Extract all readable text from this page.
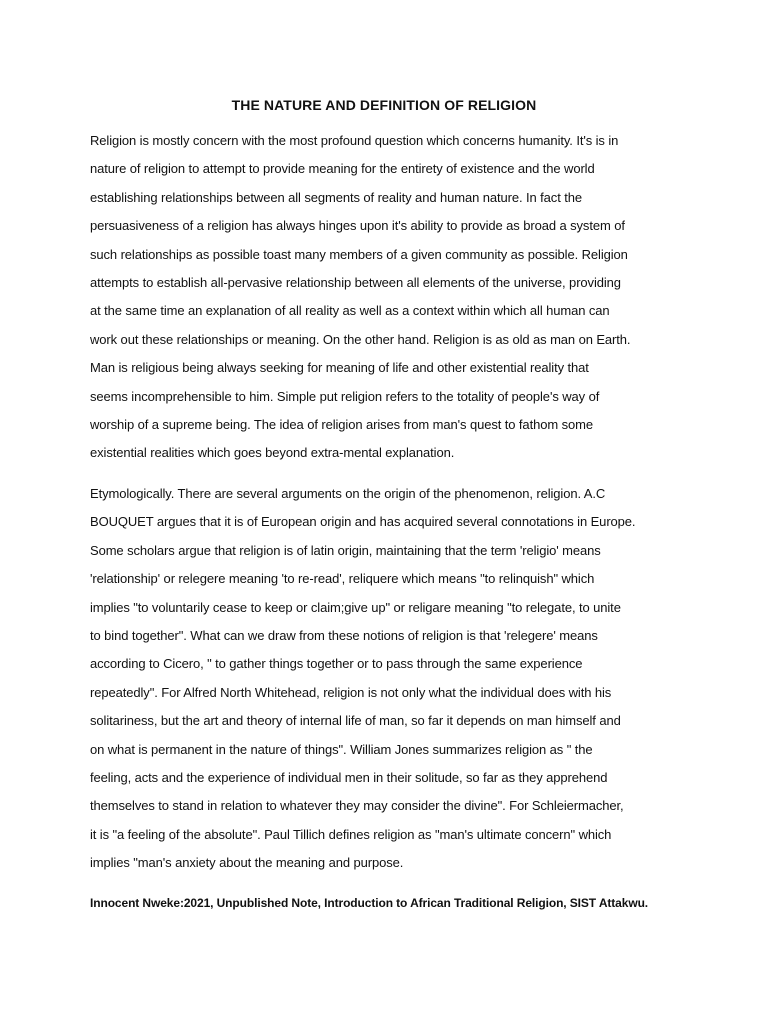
THE NATURE AND DEFINITION OF RELIGION
Religion is mostly concern with the most profound question which concerns humanity. It's is in
nature of religion to attempt to provide meaning for the entirety of existence and the world
establishing relationships between all segments of reality and human nature. In fact the
persuasiveness of a religion has always hinges upon it's ability to provide as broad a system of
such relationships as possible toast many members of a given community as possible. Religion
attempts to establish all-pervasive relationship between all elements of the universe, providing
at the same time an explanation of all reality as well as a context within which all human can
work out these relationships or meaning. On the other hand. Religion is as old as man on Earth.
Man is religious being always seeking for meaning of life and other existential reality that
seems incomprehensible to him. Simple put religion refers to the totality of people's way of
worship of a supreme being. The idea of religion arises from man's quest to fathom some
existential realities which goes beyond extra-mental explanation.
Etymologically. There are several arguments on the origin of the phenomenon, religion. A.C
BOUQUET argues that it is of European origin and has acquired several connotations in Europe.
Some scholars argue that religion is of latin origin, maintaining that the term 'religio' means
'relationship' or relegere meaning 'to re-read', reliquere which means "to relinquish" which
implies "to voluntarily cease to keep or claim;give up" or religare meaning "to relegate, to unite
to bind together". What can we draw from these notions of religion is that 'relegere' means
according to Cicero, " to gather things together or to pass through the same experience
repeatedly". For Alfred North Whitehead, religion is not only what the individual does with his
solitariness, but the art and theory of internal life of man, so far it depends on man himself and
on what is permanent in the nature of things". William Jones summarizes religion as " the
feeling, acts and the experience of individual men in their solitude, so far as they apprehend
themselves to stand in relation to whatever they may consider the divine". For Schleiermacher,
it is "a feeling of the absolute". Paul Tillich defines religion as "man's ultimate concern" which
implies "man's anxiety about the meaning and purpose.
Innocent Nweke:2021, Unpublished Note, Introduction to African Traditional Religion, SIST Attakwu.
